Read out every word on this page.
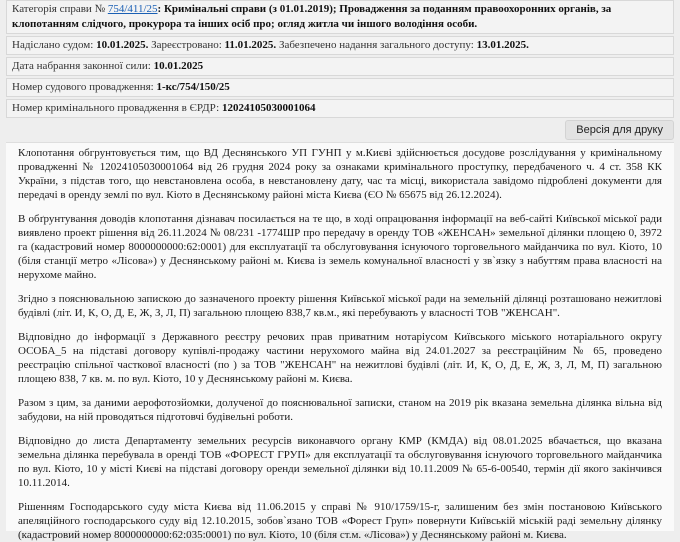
Категорія справи № 754/411/25: Кримінальні справи (з 01.01.2019); Провадження за поданням правоохоронних органів, за клопотанням слідчого, прокурора та інших осіб про; огляд житла чи іншого володіння особи.
Надіслано судом: 10.01.2025. Зареєстровано: 11.01.2025. Забезпечено надання загального доступу: 13.01.2025.
Дата набрання законної сили: 10.01.2025
Номер судового провадження: 1-кс/754/150/25
Номер кримінального провадження в ЄРДР: 12024105030001064
Версія для друку

Клопотання обгрунтовується тим, що ВД Деснянського УП ГУНП у м.Києві здійснюється досудове розслідування у кримінальному провадженні № 12024105030001064 від 26 грудня 2024 року за ознаками кримінального проступку, передбаченого ч. 4 ст. 358 КК України, з підстав того, що невстановлена особа, в невстановлену дату, час та місці, використала завідомо підроблені документи для передачі в оренду землі по вул. Кіото в Деснянському районі міста Києва (ЄО № 65675 від 26.12.2024).

В обґрунтування доводів клопотання дізнавач посилається на те що, в ході опрацювання інформації на веб-сайті Київської міської ради виявлено проект рішення від 26.11.2024 № 08/231 -1774ШР про передачу в оренду ТОВ «ЖЕНСАН» земельної ділянки площею 0, 3972 га (кадастровий номер 8000000000:62:0001) для експлуатації та обслуговування існуючого торговельного майданчика по вул. Кіото, 10 (біля станції метро «Лісова») у Деснянському районі м. Києва із земель комунальної власності у зв`язку з набуттям права власності на нерухоме майно.

Згідно з пояснювальною запискою до зазначеного проекту рішення Київської міської ради на земельній ділянці розташовано нежитлові будівлі (літ. И, К, О, Д, Е, Ж, З, Л, П) загальною площею 838,7 кв.м., які перебувають у власності ТОВ "ЖЕНСАН".

Відповідно до інформації з Державного реєстру речових прав приватним нотаріусом Київського міського нотаріального округу ОСОБА_5 на підставі договору купівлі-продажу частини нерухомого майна від 24.01.2027 за реєстраційним № 65, проведено реєстрацію спільної часткової власності (по ) за ТОВ "ЖЕНСАН" на нежитлові будівлі (літ. И, К, О, Д, Е, Ж, З, Л, М, П) загальною площею 838, 7 кв. м. по вул. Кіото, 10 у Деснянському районі м. Києва.

Разом з цим, за даними аерофотозйомки, долученої до пояснювальної записки, станом на 2019 рік вказана земельна ділянка вільна від забудови, на ній проводяться підготовчі будівельні роботи.

Відповідно до листа Департаменту земельних ресурсів виконавчого органу КМР (КМДА) від 08.01.2025 вбачається, що вказана земельна ділянка перебувала в оренді ТОВ «ФОРЕСТ ГРУП» для експлуатації та обслуговування існуючого торговельного майданчика по вул. Кіото, 10 у місті Києві на підставі договору оренди земельної ділянки від 10.11.2009 № 65-6-00540, термін дії якого закінчився 10.11.2014.

Рішенням Господарського суду міста Києва від 11.06.2015 у справі № 910/1759/15-г, залишеним без змін постановою Київського апеляційного господарського суду від 12.10.2015, зобов`язано ТОВ «Форест Груп» повернути Київській міській раді земельну ділянку (кадастровий номер 8000000000:62:035:0001) по вул. Кіото, 10 (біля ст.м. «Лісова») у Деснянському районі м. Києва.
